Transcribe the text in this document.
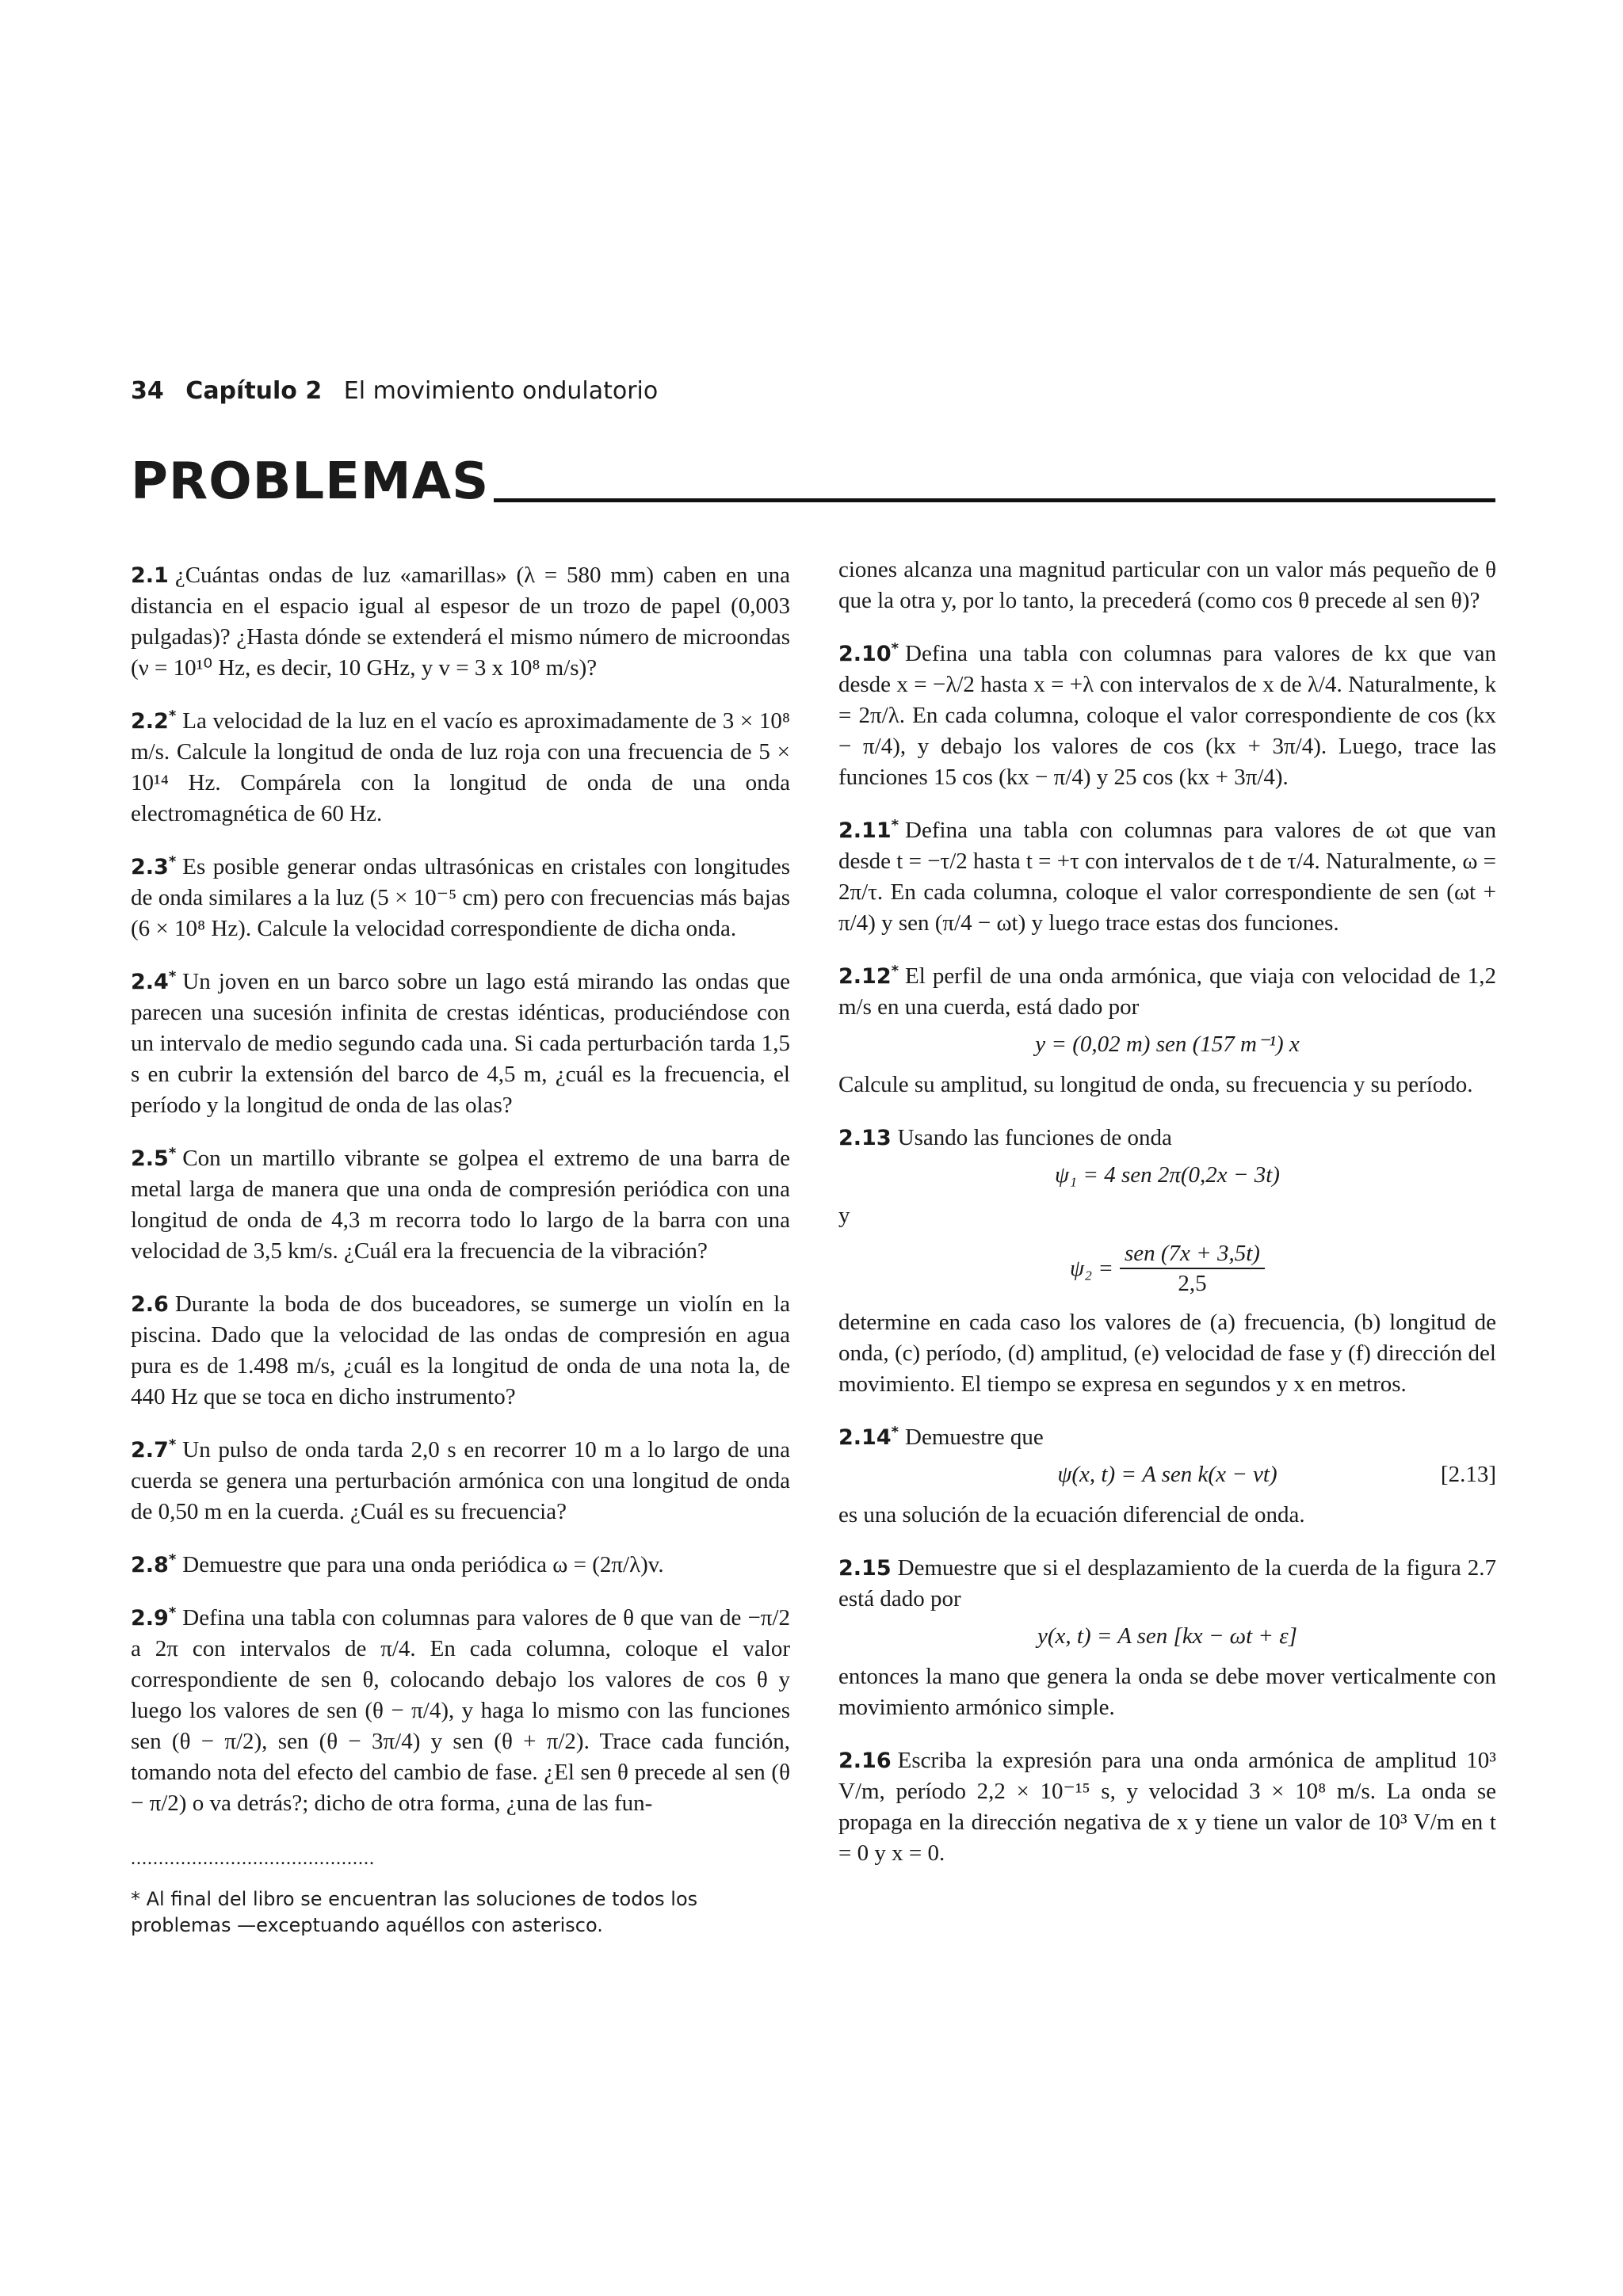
34 Capítulo 2 El movimiento ondulatorio
PROBLEMAS
2.1 ¿Cuántas ondas de luz «amarillas» (λ = 580 mm) caben en una distancia en el espacio igual al espesor de un trozo de papel (0,003 pulgadas)? ¿Hasta dónde se extenderá el mismo número de microondas (ν = 10¹⁰ Hz, es decir, 10 GHz, y v = 3 x 10⁸ m/s)?
2.2* La velocidad de la luz en el vacío es aproximadamente de 3 × 10⁸ m/s. Calcule la longitud de onda de luz roja con una frecuencia de 5 × 10¹⁴ Hz. Compárela con la longitud de onda de una onda electromagnética de 60 Hz.
2.3* Es posible generar ondas ultrasónicas en cristales con longitudes de onda similares a la luz (5 × 10⁻⁵ cm) pero con frecuencias más bajas (6 × 10⁸ Hz). Calcule la velocidad correspondiente de dicha onda.
2.4* Un joven en un barco sobre un lago está mirando las ondas que parecen una sucesión infinita de crestas idénticas, produciéndose con un intervalo de medio segundo cada una. Si cada perturbación tarda 1,5 s en cubrir la extensión del barco de 4,5 m, ¿cuál es la frecuencia, el período y la longitud de onda de las olas?
2.5* Con un martillo vibrante se golpea el extremo de una barra de metal larga de manera que una onda de compresión periódica con una longitud de onda de 4,3 m recorra todo lo largo de la barra con una velocidad de 3,5 km/s. ¿Cuál era la frecuencia de la vibración?
2.6 Durante la boda de dos buceadores, se sumerge un violín en la piscina. Dado que la velocidad de las ondas de compresión en agua pura es de 1.498 m/s, ¿cuál es la longitud de onda de una nota la, de 440 Hz que se toca en dicho instrumento?
2.7* Un pulso de onda tarda 2,0 s en recorrer 10 m a lo largo de una cuerda se genera una perturbación armónica con una longitud de onda de 0,50 m en la cuerda. ¿Cuál es su frecuencia?
2.8* Demuestre que para una onda periódica ω = (2π/λ)v.
2.9* Defina una tabla con columnas para valores de θ que van de −π/2 a 2π con intervalos de π/4. En cada columna, coloque el valor correspondiente de sen θ, colocando debajo los valores de cos θ y luego los valores de sen (θ − π/4), y haga lo mismo con las funciones sen (θ − π/2), sen (θ − 3π/4) y sen (θ + π/2). Trace cada función, tomando nota del efecto del cambio de fase. ¿El sen θ precede al sen (θ − π/2) o va detrás?; dicho de otra forma, ¿una de las fun-
ciones alcanza una magnitud particular con un valor más pequeño de θ que la otra y, por lo tanto, la precederá (como cos θ precede al sen θ)?
2.10* Defina una tabla con columnas para valores de kx que van desde x = −λ/2 hasta x = +λ con intervalos de x de λ/4. Naturalmente, k = 2π/λ. En cada columna, coloque el valor correspondiente de cos (kx − π/4), y debajo los valores de cos (kx + 3π/4). Luego, trace las funciones 15 cos (kx − π/4) y 25 cos (kx + 3π/4).
2.11* Defina una tabla con columnas para valores de ωt que van desde t = −τ/2 hasta t = +τ con intervalos de t de τ/4. Naturalmente, ω = 2π/τ. En cada columna, coloque el valor correspondiente de sen (ωt + π/4) y sen (π/4 − ωt) y luego trace estas dos funciones.
2.12* El perfil de una onda armónica, que viaja con velocidad de 1,2 m/s en una cuerda, está dado por
y = (0,02 m) sen (157 m⁻¹) x
Calcule su amplitud, su longitud de onda, su frecuencia y su período.
2.13 Usando las funciones de onda
ψ₁ = 4 sen 2π(0,2x − 3t)
y
$\psi_2 = \frac{\text{sen (7x + 3,5t)}}{2,5}$
determine en cada caso los valores de (a) frecuencia, (b) longitud de onda, (c) período, (d) amplitud, (e) velocidad de fase y (f) dirección del movimiento. El tiempo se expresa en segundos y x en metros.
2.14* Demuestre que
ψ(x, t) = A sen k(x − vt)	[2.13]
es una solución de la ecuación diferencial de onda.
2.15 Demuestre que si el desplazamiento de la cuerda de la figura 2.7 está dado por
y(x, t) = A sen [kx − ωt + ε]
entonces la mano que genera la onda se debe mover verticalmente con movimiento armónico simple.
2.16 Escriba la expresión para una onda armónica de amplitud 10³ V/m, período 2,2 × 10⁻¹⁵ s, y velocidad 3 × 10⁸ m/s. La onda se propaga en la dirección negativa de x y tiene un valor de 10³ V/m en t = 0 y x = 0.
............................................
* Al final del libro se encuentran las soluciones de todos los problemas —exceptuando aquéllos con asterisco.
